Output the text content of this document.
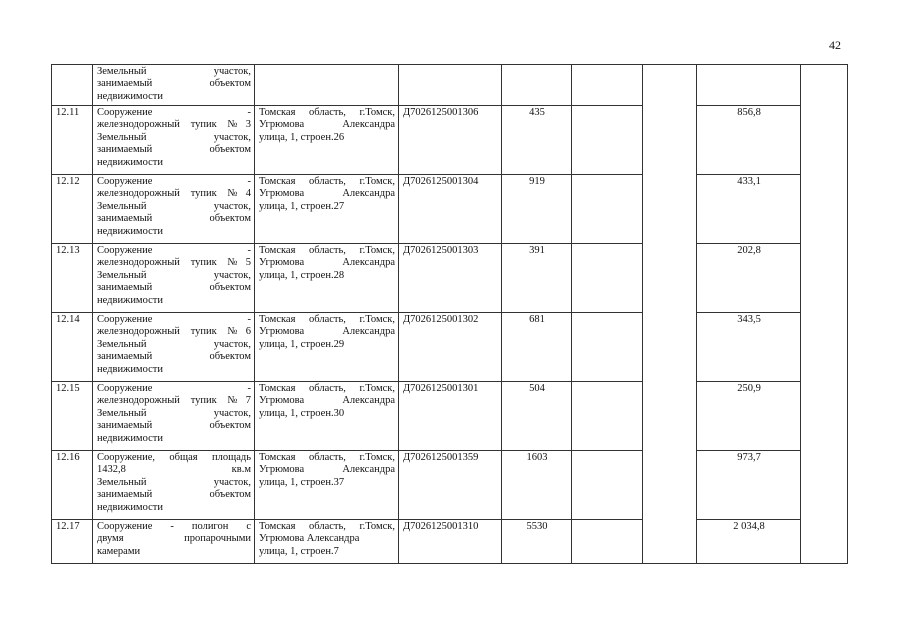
42

	Земельный участок,
занимаемый объектом
недвижимости							

12.11	Сооружение -
железнодорожный тупик №3
Земельный участок,
занимаемый объектом
недвижимости	Томская область, г.Томск,
Угрюмова Александра
улица, 1, строен.26	Д7026125001306	435			856,8	
12.12	Сооружение -
железнодорожный тупик №4
Земельный участок,
занимаемый объектом
недвижимости	Томская область, г.Томск,
Угрюмова Александра
улица, 1, строен.27	Д7026125001304	919			433,1	
12.13	Сооружение -
железнодорожный тупик №5
Земельный участок,
занимаемый объектом
недвижимости	Томская область, г.Томск,
Угрюмова Александра
улица, 1, строен.28	Д7026125001303	391			202,8	
12.14	Сооружение -
железнодорожный тупик №6
Земельный участок,
занимаемый объектом
недвижимости	Томская область, г.Томск,
Угрюмова Александра
улица, 1, строен.29	Д7026125001302	681			343,5	
12.15	Сооружение -
железнодорожный тупик №7
Земельный участок,
занимаемый объектом
недвижимости	Томская область, г.Томск,
Угрюмова Александра
улица, 1, строен.30	Д7026125001301	504			250,9	
12.16	Сооружение, общая площадь
1432,8 кв.м
Земельный участок,
занимаемый объектом
недвижимости	Томская область, г.Томск,
Угрюмова Александра
улица, 1, строен.37	Д7026125001359	1603			973,7	
12.17	Сооружение - полигон с
двумя пропарочными
камерами	Томская область, г.Томск,
Угрюмова Александра
улица, 1, строен.7	Д7026125001310	5530			2 034,8	
